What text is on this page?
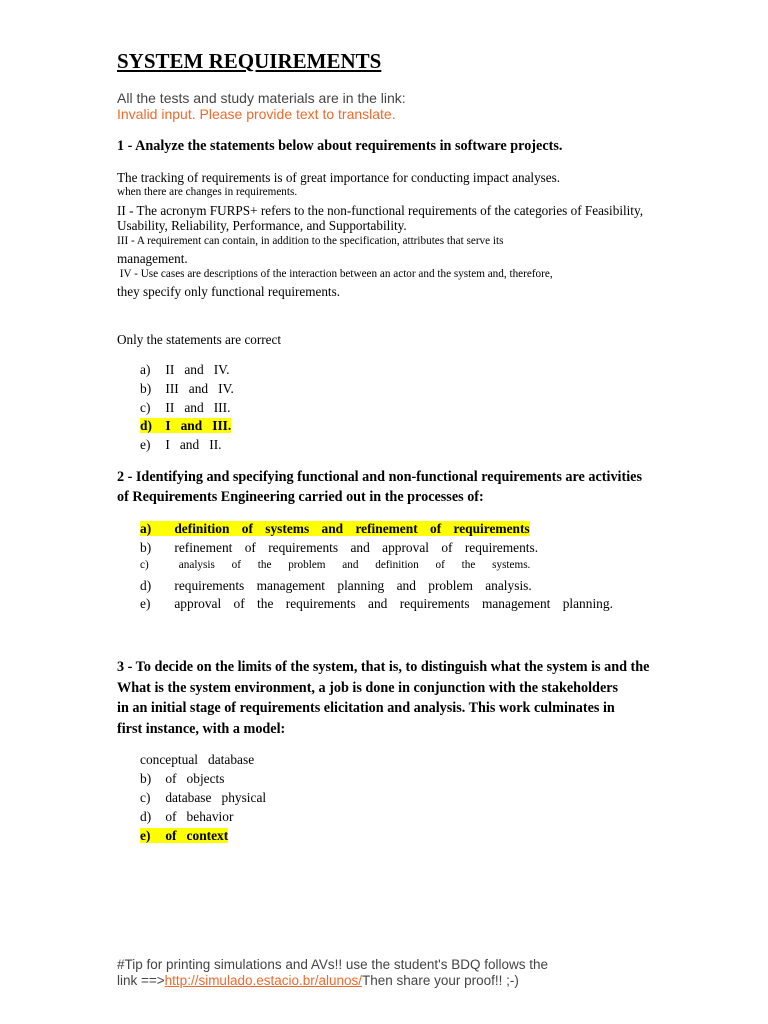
SYSTEM REQUIREMENTS
All the tests and study materials are in the link:
Invalid input. Please provide text to translate.
1 - Analyze the statements below about requirements in software projects.
The tracking of requirements is of great importance for conducting impact analyses.
when there are changes in requirements.
II - The acronym FURPS+ refers to the non-functional requirements of the categories of Feasibility,
Usability, Reliability, Performance, and Supportability.
III - A requirement can contain, in addition to the specification, attributes that serve its
management.
IV - Use cases are descriptions of the interaction between an actor and the system and, therefore,
they specify only functional requirements.
Only the statements are correct
a) II   and   IV.
b) III   and   IV.
c) II   and   III.
d) I   and   III.
e) I   and   II.
2 - Identifying and specifying functional and non-functional requirements are activities
of Requirements Engineering carried out in the processes of:
a) definition of systems and refinement of requirements
b) refinement of requirements and approval of requirements.
c)	analysis of the problem and definition of the systems.
d) requirements management planning and problem analysis.
e) approval of the requirements and requirements management planning.
3 - To decide on the limits of the system, that is, to distinguish what the system is and the
What is the system environment, a job is done in conjunction with the stakeholders
in an initial stage of requirements elicitation and analysis. This work culminates in
first instance, with a model:
conceptual   database
b) of   objects
c) database   physical
d) of   behavior
e) of   context
#Tip for printing simulations and AVs!! use the student's BDQ follows the
link ==>http://simulado.estacio.br/alunos/Then share your proof!! ;-)
